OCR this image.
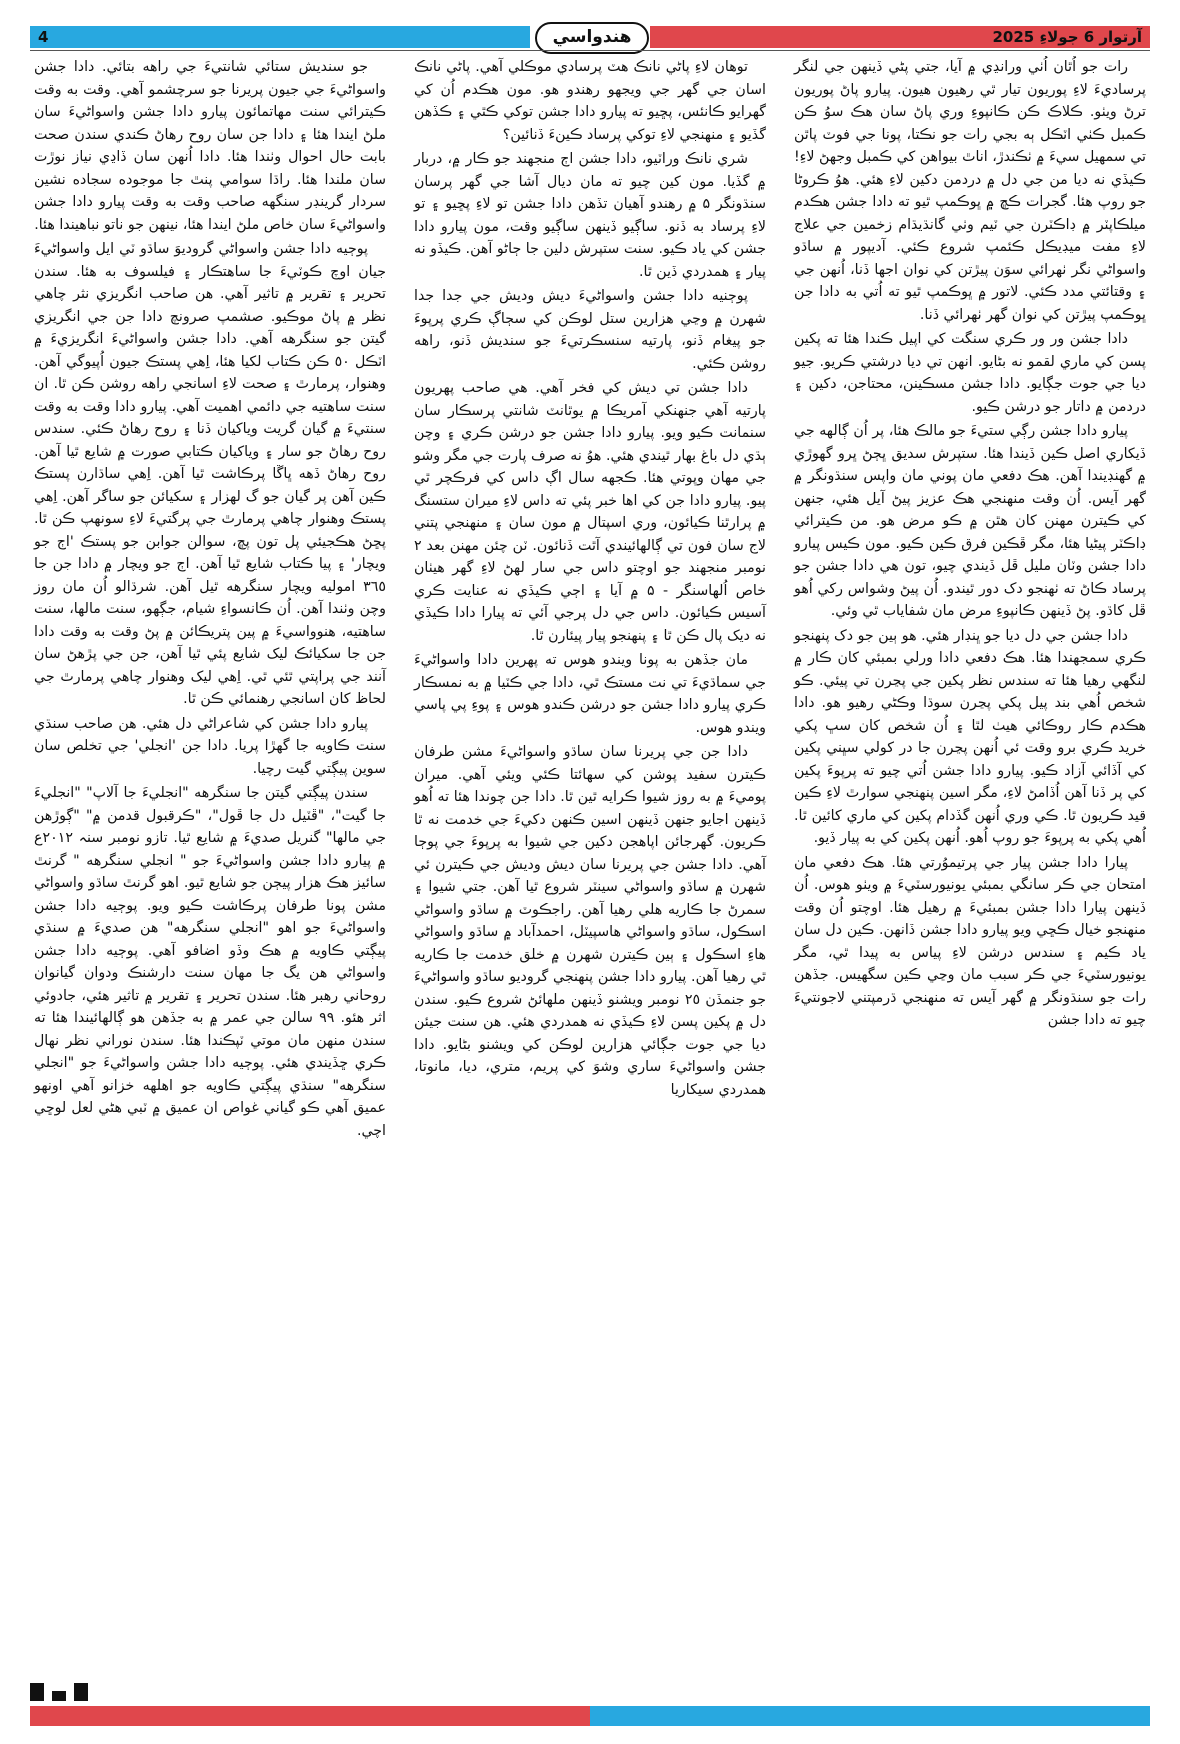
4	هندواسي	آرتوار 6 جولاءِ 2025

رات جو اُٿان اُٺي ورانڍي ۾ آيا، جتي پڻي ڏينهن جي لنگر پرساديءَ لاءِ پوريون تيار ٿي رهيون هيون. پيارو پاڻ پوريون ترڻ ويٺو. ڪلاڪ ڪن ڪانپوءِ وري پاڻ سان هڪ سوُ ڪن ڪمبل ڪٺي اٽڪل ٻه بجي رات جو نڪتا، پونا جي فوٽ پاٿن تي سمهيل سيءَ ۾ ٺڪندڙ، اناٿ بيواهن کي ڪمبل وجهڻ لاءِ! ڪيڏي نه ديا من جي دل ۾ دردمن دکين لاءِ هئي. هوُ ڪروڻا جو روپ هئا. گجرات ڪڇ ۾ ڀوڪمپ ٿيو ته دادا جشن هڪدم ميلڪاپٽر ۾ ڊاڪٽرن جي ٽيم وٺي گانڌيڌام زخمين جي علاج لاءِ مفت ميڊيڪل ڪئمپ شروع ڪئي. آديپور ۾ ساڌو واسواڻي نگر ٺهرائي سوَن پيڙتن کي نوان اجها ڏنا، اُنهن جي ۽ وقتائتي مدد ڪئي. لاتور ۾ ڀوڪمپ ٿيو ته اُتي به دادا جن ڀوڪمپ پيڙتن کي نوان گهر ٺهرائي ڏنا.

دادا جشن ور ور ڪري سنگت کي اپيل ڪندا هئا ته پکين پسن کي ماري لقمو نه بڻايو. انهن تي ديا درشتي ڪريو. جيو ديا جي جوت جڳايو. دادا جشن مسڪينن، محتاجن، دکين ۽ دردمن ۾ داتار جو درشن ڪيو.

پيارو دادا جشن رڳي ستيءَ جو مالڪ هئا، پر اُن ڳالهه جي ڏيکاري اصل ڪين ڏيندا هئا. ستپرش سديق ڀڄڻ ڀرو گهوڙي ۾ گهنڊيندا آهن. هڪ دفعي مان پوني مان واپس سنڌونگر ۾ گهر آيس. اُن وقت منهنجي هڪ عزيز پيڻ آيل هئي، جنهن کي ڪيترن مهنن کان هٿن ۾ ڪو مرض هو. من ڪيترائي ڊاڪٽر پيڻيا هئا، مگر ڦڪين فرق ڪين ڪيو. مون ڪيس پيارو دادا جشن وٽان مليل ڦل ڏيندي چيو، تون هي دادا جشن جو پرساد ڪاڻ ته ٺهنجو دک دور ٿيندو. اُن پيڻ وشواس رکي اُهو ڦل کاڌو. پڻ ڏينهن ڪانپوءِ مرض مان شفاياب ٿي وئي.

دادا جشن جي دل ديا جو ڀنڊار هئي. هو ٻين جو دک پنهنجو ڪري سمجهندا هئا. هڪ دفعي دادا ورلي بمبئي کان ڪار ۾ لنگهي رهيا هئا ته سندس نظر پکين جي پڃرن تي پيئي. ڪو شخص اُهي بند پيل پکي پڃرن سوڌا وڪڻي رهيو هو. دادا هڪدم ڪار روڪائي هيٺ لٿا ۽ اُن شخص کان سڀ پکي خريد ڪري برو وقت ئي اُنهن پڃرن جا در کولي سڀني پکين کي آڏائي آزاد ڪيو. پيارو دادا جشن اُتي چيو ته پرپوءَ پکين کي پر ڏنا آهن اُڏامڻ لاءِ، مگر اسين پنهنجي سوارٿ لاءِ ڪين قيد ڪريون ٿا. ڪي وري اُنهن گڏدام پکين کي ماري کائين ٿا. اُهي پکي به پرپوءَ جو روپ اُهو. اُنهن پکين کي به پيار ڏيو.

پيارا دادا جشن پيار جي پرتيموُرتي هئا. هڪ دفعي مان امتحان جي ڪر سانگي بمبئي يونيورسٽيءَ ۾ ويٺو هوس. اُن ڏينهن پيارا دادا جشن بمبئيءَ ۾ رهيل هئا. اوچتو اُن وقت منهنجو خيال ڪڇي ويو پيارو دادا جشن ڏانهن. ڪين دل سان ياد ڪيم ۽ سندس درشن لاءِ پياس به پيدا ٿي، مگر يونيورسٽيءَ جي ڪر سبب مان وڃي ڪين سگهيس. جڏهن رات جو سنڌونگر ۾ گهر آيس ته منهنجي ڌرمپتني لاجونتيءَ چيو ته دادا جشن

توهان لاءِ پاڻي نانڪ هٽ پرسادي موڪلي آهي. پاڻي نانڪ اسان جي گهر جي ويجهو رهندو هو. مون هڪدم اُن کي گهرايو ڪانئس، پڇيو ته پيارو دادا جشن توکي ڪٿي ۽ ڪڏهن گڏيو ۽ منهنجي لاءِ توکي پرساد ڪينءَ ڏنائين؟

شري نانڪ وراٽيو، دادا جشن اڄ منجهند جو ڪار ۾، دربار ۾ گڏيا. مون کين چيو ته مان ديال آشا جي گهر پرسان سنڌونگر ۵ ۾ رهندو آهيان تڏهن دادا جشن تو لاءِ پڇيو ۽ تو لاءِ پرساد به ڏنو. ساڳيو ڏينهن ساڳيو وقت، مون پيارو دادا جشن کي ياد ڪيو. سنت ستپرش دلين جا ڄاڻو آهن. ڪيڏو نه پيار ۽ همدردي ڏين ٿا.

پوڄنيه دادا جشن واسواڻيءَ ديش وديش جي جدا جدا شهرن ۾ وڃي هزارين ستل لوڪن کي سڄاڳ ڪري پرپوءَ جو پيغام ڏنو، پارتيه سنسڪرتيءَ جو سنديش ڏنو، راهه روشن ڪئي.

دادا جشن تي ديش کي فخر آهي. هي صاحب پهريون پارتيه آهي جنهنکي آمريڪا ۾ يوٿانٽ شانتي پرسڪار سان سنمانت ڪيو ويو. پيارو دادا جشن جو درشن ڪري ۽ وچن ٻڌي دل باغ بهار ٿيندي هئي. هوُ نه صرف پارت جي مگر وشو جي مهان وپوتي هئا. ڪجهه سال اڳ داس کي فرڪچر ٿي پيو. پيارو دادا جن کي اها خبر پئي ته داس لاءِ ميران ستسنگ ۾ پرارٿنا ڪيائون، وري اسپتال ۾ مون سان ۽ منهنجي پتني لاج سان فون تي ڳالهائيندي آٿت ڏنائون. ٽن چئن مهنن بعد ٢ نومبر منجهند جو اوچتو داس جي سار لهڻ لاءِ گهر هيٺان خاص اُلهاسنگر - ۵ ۾ آيا ۽ اڄي ڪيڏي نه عنايت ڪري آسيس ڪيائون. داس جي دل پرجي آئي ته پيارا دادا ڪيڏي نه ديک پال ڪن ٿا ۽ پنهنجو پيار پيئارن ٿا.

مان جڏهن به پونا ويندو هوس ته پهرين دادا واسواڻيءَ جي سماڌيءَ تي نت مستڪ ٿي، دادا جي ڪٽيا ۾ به نمسڪار ڪري پيارو دادا جشن جو درشن ڪندو هوس ۽ پوءِ پي پاسي ويندو هوس.

دادا جن جي پريرنا سان ساڌو واسواڻيءَ مشن طرفان ڪيترن سفيد پوشن کي سهائتا ڪئي ويئي آهي. ميران پوميءَ ۾ به روز شيوا ڪرايه ٿين ٿا. دادا جن چوندا هئا ته اُهو ڏينهن اجايو جنهن ڏينهن اسين ڪنهن دکيءَ جي خدمت نه ٿا ڪريون. گهرجائن اپاهجن دکين جي شيوا به پرپوءَ جي پوڄا آهي. دادا جشن جي پريرنا سان ديش وديش جي ڪيترن ئي شهرن ۾ ساڌو واسواڻي سينٽر شروع ٿيا آهن. جتي شيوا ۽ سمرڻ جا ڪاريه هلي رهيا آهن. راجڪوٽ ۾ ساڌو واسواڻي اسڪول، ساڌو واسواڻي هاسپيٽل، احمدآباد ۾ ساڌو واسواڻي هاءِ اسڪول ۽ ٻين ڪيترن شهرن ۾ خلق خدمت جا ڪاريه ٿي رهيا آهن. پيارو دادا جشن پنهنجي گروديو ساڌو واسواڻيءَ جو جنمڏن ٢٥ نومبر ويشنو ڏينهن ملهائڻ شروع ڪيو. سندن دل ۾ پکين پسن لاءِ ڪيڏي نه همدردي هئي. هن سنت جيئن ديا جي جوت جڳائي هزارين لوڪن کي ويشنو بڻايو. دادا جشن واسواڻيءَ ساري وشوَ کي پريم، متري، ديا، مانوتا، همدردي سيکاريا

جو سنديش ستائي شانتيءَ جي راهه بتائي. دادا جشن واسواڻيءَ جي جيون پريرنا جو سرچشمو آهي. وقت به وقت ڪيترائي سنت مهاتمائون پيارو دادا جشن واسواڻيءَ سان ملڻ ايندا هئا ۽ دادا جن سان روح رهاڻ ڪندي سندن صحت بابت حال احوال وٺندا هئا. دادا اُنهن سان ڏاڍي نياز نوڙت سان ملندا هئا. راڌا سوامي پنٿ جا موجوده سجاده نشين سردار گرينڊر سنگهه صاحب وقت به وقت پيارو دادا جشن واسواڻيءَ سان خاص ملڻ ايندا هئا، نينهن جو ناتو نباهيندا هئا.

پوڄيه دادا جشن واسواڻي گروديوَ ساڌو ٽي ايل واسواڻيءَ جيان اوچ ڪوٽيءَ جا ساهتڪار ۽ فيلسوف به هئا. سندن تحرير ۽ تقرير ۾ تاثير آهي. هن صاحب انگريزي نثر چاهي نظر ۾ پاڻ موڪيو. صشمپ صرونچ دادا جن جي انگريزي گيتن جو سنگرهه آهي. دادا جشن واسواڻيءَ انگريزيءَ ۾ اٽڪل ٥٠ ڪن ڪتاب لکيا هئا، اِهي پستڪ جيون اُپيوگي آهن. وهنوار، پرمارٿ ۽ صحت لاءِ اسانجي راهه روشن ڪن ٿا. ان سنت ساهتيه جي دائمي اهميت آهي. پيارو دادا وقت به وقت سنتيءَ ۾ گيان گريت وياکيان ڏنا ۽ روح رهاڻ ڪئي. سندس روح رهاڻ جو سار ۽ وياکيان ڪتابي صورت ۾ شايع ٿيا آهن. روح رهاڻ ڏهه ڀاڱا پرڪاشت ٿيا آهن. اِهي ساڌارن پستڪ ڪين آهن پر گيان جو گ لهزار ۽ سکيائن جو ساگر آهن. اِهي پستڪ وهنوار چاهي پرمارٿ جي پرگتيءَ لاءِ سونهپ ڪن ٿا. پڇڻ هڪجيئي پل تون پڇ، سوالن جوابن جو پستڪ 'اڄ جو ويچار' ۽ پيا ڪتاب شايع ٿيا آهن. اڄ جو ويچار ۾ دادا جن جا ٣٦٥ اموليه ويچار سنگرهه ٿيل آهن. شرڌالو اُن مان روز وچن وٺندا آهن. اُن ڪانسواءِ شيام، جڳهو، سنت مالها، سنت ساهتيه، هنوواسيءَ ۾ پين پتريڪائن ۾ پڻ وقت به وقت دادا جن جا سکيائڪ ليک شايع پئي ٿيا آهن، جن جي پڙهڻ سان آنند جي پراپتي ٿئي ٿي. اِهي ليک وهنوار چاهي پرمارٿ جي لحاظ کان اسانجي رهنمائي ڪن ٿا.

پيارو دادا جشن کي شاعراڻي دل هئي. هن صاحب سنڌي سنت ڪاويه جا گهڙا پريا. دادا جن 'انجلي' جي تخلص سان سوين پيڳتي گيت رچيا.

سندن پيڳتي گيتن جا سنگرهه "انجليءَ جا آلاپ" "انجليءَ جا گيت"، "ڦٽيل دل جا ڦول"، "ڪرقبول قدمن ۾" "ڳوڙهن جي مالها" گنريل صديءَ ۾ شايع ٿيا. تازو نومبر سنہ ٢٠١٢ع ۾ پيارو دادا جشن واسواڻيءَ جو " انجلي سنگرهه " گرنٿ سائيز هڪ هزار پيڄن جو شايع ٿيو. اهو گرنٿ ساڌو واسواڻي مشن پونا طرفان پرڪاشت ڪيو ويو. پوڄيه دادا جشن واسواڻيءَ جو اهو "انجلي سنگرهه" هن صديءَ ۾ سنڌي پيڳتي ڪاويه ۾ هڪ وڏو اضافو آهي. پوڄيه دادا جشن واسواڻي هن يگ جا مهان سنت دارشنڪ ودوان گيانوان روحاني رهبر هئا. سندن تحرير ۽ تقرير ۾ تاثير هئي، جادوئي اثر هئو. ٩٩ سالن جي عمر ۾ به جڏهن هو ڳالهائيندا هئا ته سندن منهن مان موتي ٽپڪندا هئا. سندن نوراني نظر نهال ڪري ڇڏيندي هئي. پوڄيه دادا جشن واسواڻيءَ جو "انجلي سنگرهه" سنڌي پيڳتي ڪاويه جو اهلهه خزانو آهي اونهو عميق آهي ڪو گياني غواص ان عميق ۾ ٽبي هڻي لعل لوڇي اچي.
